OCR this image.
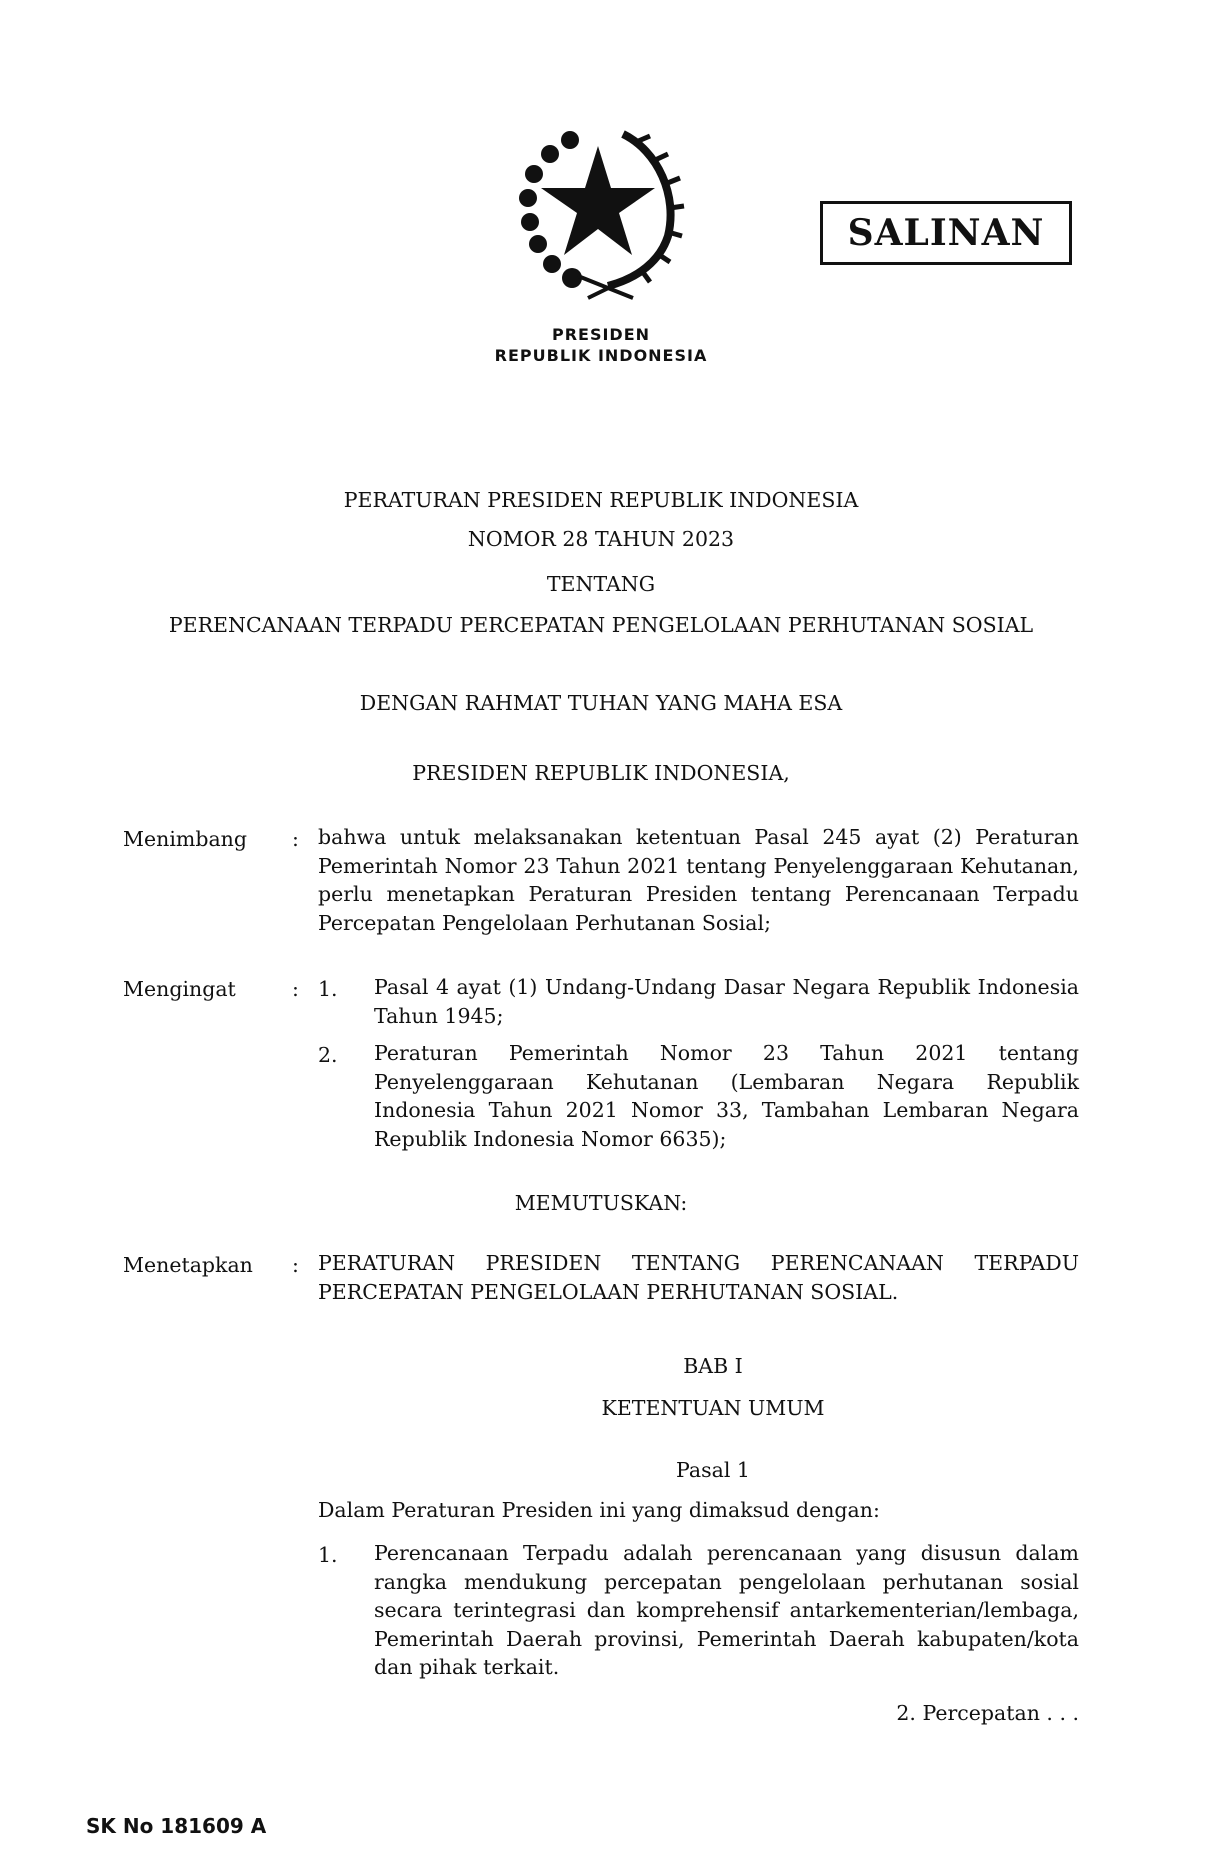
PRESIDEN
REPUBLIK INDONESIA
SALINAN
PERATURAN PRESIDEN REPUBLIK INDONESIA
NOMOR 28 TAHUN 2023
TENTANG
PERENCANAAN TERPADU PERCEPATAN PENGELOLAAN PERHUTANAN SOSIAL
DENGAN RAHMAT TUHAN YANG MAHA ESA
PRESIDEN REPUBLIK INDONESIA,
Menimbang : bahwa untuk melaksanakan ketentuan Pasal 245 ayat (2) Peraturan Pemerintah Nomor 23 Tahun 2021 tentang Penyelenggaraan Kehutanan, perlu menetapkan Peraturan Presiden tentang Perencanaan Terpadu Percepatan Pengelolaan Perhutanan Sosial;
Mengingat	: 1. Pasal 4 ayat (1) Undang-Undang Dasar Negara Republik Indonesia Tahun 1945;
2. Peraturan Pemerintah Nomor 23 Tahun 2021 tentang Penyelenggaraan Kehutanan (Lembaran Negara Republik Indonesia Tahun 2021 Nomor 33, Tambahan Lembaran Negara Republik Indonesia Nomor 6635);
MEMUTUSKAN:
Menetapkan : PERATURAN PRESIDEN TENTANG PERENCANAAN TERPADU PERCEPATAN PENGELOLAAN PERHUTANAN SOSIAL.
BAB I
KETENTUAN UMUM
Pasal 1
Dalam Peraturan Presiden ini yang dimaksud dengan:
1. Perencanaan Terpadu adalah perencanaan yang disusun dalam rangka mendukung percepatan pengelolaan perhutanan sosial secara terintegrasi dan komprehensif antarkementerian/lembaga, Pemerintah Daerah provinsi, Pemerintah Daerah kabupaten/kota dan pihak terkait.
2. Percepatan . . .
SK No 181609 A
